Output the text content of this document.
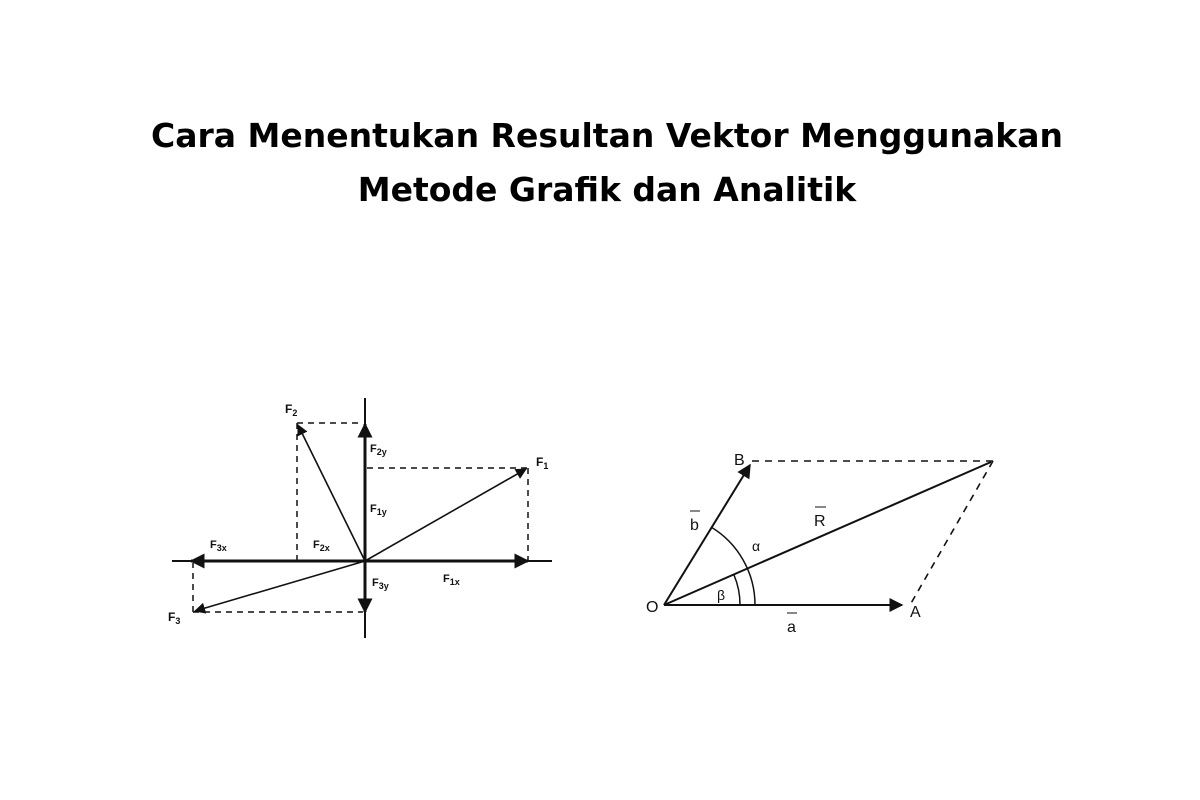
Cara Menentukan Resultan Vektor Menggunakan
Metode Grafik dan Analitik
$F_2$
$F_1$
$F_3$
$F_{2y}$
$F_{1y}$
$F_{3x}$	$F_{2x}$
$F_{3y}$
$F_{1x}$
O	A
B
a
b	R
α
β
